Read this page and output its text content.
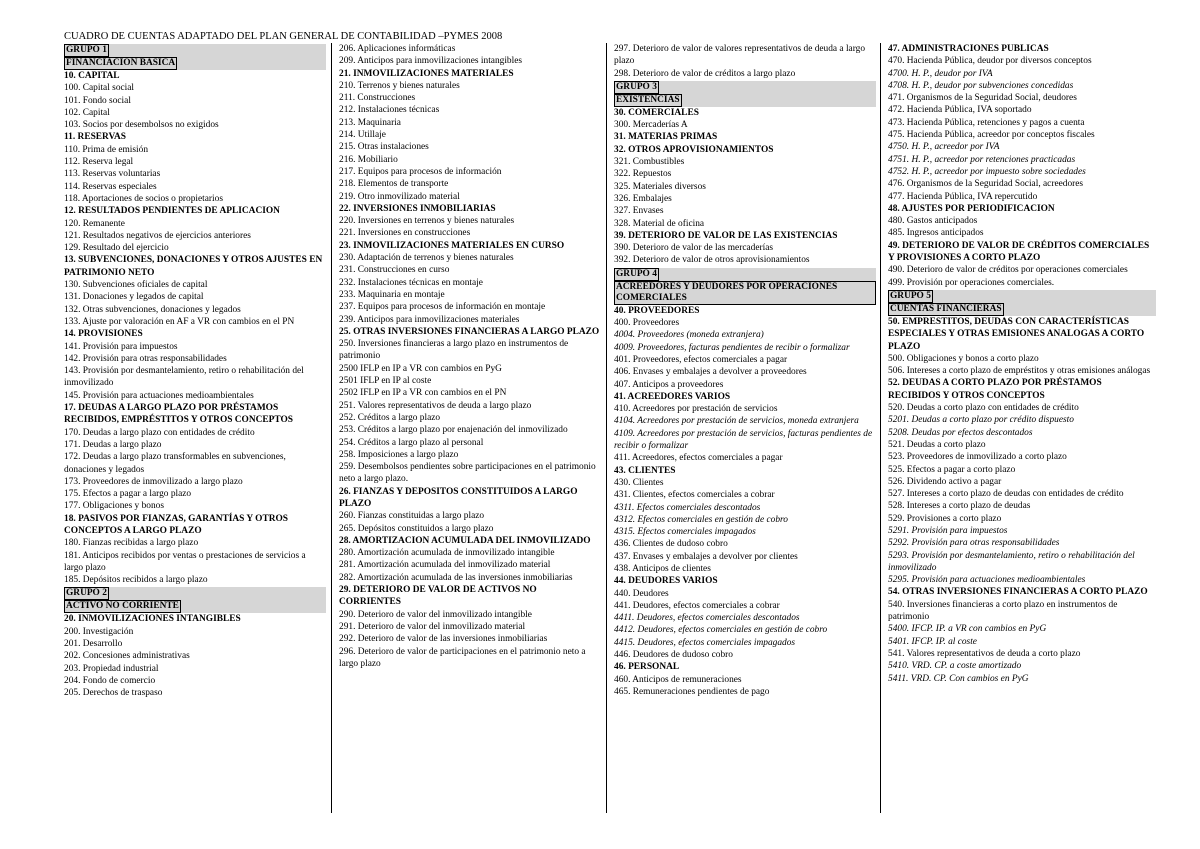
CUADRO DE CUENTAS ADAPTADO DEL PLAN GENERAL DE CONTABILIDAD –PYMES 2008
GRUPO 1
FINANCIACION BASICA
10. CAPITAL
100. Capital social
101. Fondo social
102. Capital
103. Socios por desembolsos no exigidos
11. RESERVAS
110. Prima de emisión
112. Reserva legal
113. Reservas voluntarias
114. Reservas especiales
118. Aportaciones de socios o propietarios
12. RESULTADOS PENDIENTES DE APLICACION
120. Remanente
121. Resultados negativos de ejercicios anteriores
129. Resultado del ejercicio
13. SUBVENCIONES, DONACIONES Y OTROS AJUSTES EN PATRIMONIO NETO
130. Subvenciones oficiales de capital
131. Donaciones y legados de capital
132. Otras subvenciones, donaciones y legados
133. Ajuste por valoración en AF a VR con cambios en el PN
14. PROVISIONES
141. Provisión para impuestos
142. Provisión para otras responsabilidades
143. Provisión por desmantelamiento, retiro o rehabilitación del inmovilizado
145. Provisión para actuaciones medioambientales
17. DEUDAS A LARGO PLAZO POR PRÉSTAMOS RECIBIDOS, EMPRÉSTITOS Y OTROS CONCEPTOS
170. Deudas a largo plazo con entidades de crédito
171. Deudas a largo plazo
172. Deudas a largo plazo transformables en subvenciones, donaciones y legados
173. Proveedores de inmovilizado a largo plazo
175. Efectos a pagar a largo plazo
177. Obligaciones y bonos
18. PASIVOS POR FIANZAS, GARANTÍAS Y OTROS CONCEPTOS A LARGO PLAZO
180. Fianzas recibidas a largo plazo
181. Anticipos recibidos por ventas o prestaciones de servicios a largo plazo
185. Depósitos recibidos a largo plazo
GRUPO 2
ACTIVO NO CORRIENTE
20. INMOVILIZACIONES INTANGIBLES
200. Investigación
201. Desarrollo
202. Concesiones administrativas
203. Propiedad industrial
204. Fondo de comercio
205. Derechos de traspaso
206. Aplicaciones informáticas
209. Anticipos para inmovilizaciones intangibles
21. INMOVILIZACIONES MATERIALES
210. Terrenos y bienes naturales
211. Construcciones
212. Instalaciones técnicas
213. Maquinaria
214. Utillaje
215. Otras instalaciones
216. Mobiliario
217. Equipos para procesos de información
218. Elementos de transporte
219. Otro inmovilizado material
22. INVERSIONES INMOBILIARIAS
220. Inversiones en terrenos y bienes naturales
221. Inversiones en construcciones
23. INMOVILIZACIONES MATERIALES EN CURSO
230. Adaptación de terrenos y bienes naturales
231. Construcciones en curso
232. Instalaciones técnicas en montaje
233. Maquinaria en montaje
237. Equipos para procesos de información en montaje
239. Anticipos para inmovilizaciones materiales
25. OTRAS INVERSIONES FINANCIERAS A LARGO PLAZO
250. Inversiones financieras a largo plazo en instrumentos de patrimonio
2500 IFLP en IP a VR con cambios en PyG
2501 IFLP en IP al coste
2502 IFLP en IP a VR con cambios en el PN
251. Valores representativos de deuda a largo plazo
252. Créditos a largo plazo
253. Créditos a largo plazo por enajenación del inmovilizado
254. Créditos a largo plazo al personal
258. Imposiciones a largo plazo
259. Desembolsos pendientes sobre participaciones en el patrimonio neto a largo plazo.
26. FIANZAS Y DEPOSITOS CONSTITUIDOS A LARGO PLAZO
260. Fianzas constituidas a largo plazo
265. Depósitos constituidos a largo plazo
28. AMORTIZACION ACUMULADA DEL INMOVILIZADO
280. Amortización acumulada de inmovilizado intangible
281. Amortización acumulada del inmovilizado material
282. Amortización acumulada de las inversiones inmobiliarias
29. DETERIORO DE VALOR DE ACTIVOS NO CORRIENTES
290. Deterioro de valor del inmovilizado intangible
291. Deterioro de valor del inmovilizado material
292. Deterioro de valor de las inversiones inmobiliarias
296. Deterioro de valor de participaciones en el patrimonio neto a largo plazo
297. Deterioro de valor de valores representativos de deuda a largo plazo
298. Deterioro de valor de créditos a largo plazo
GRUPO 3
EXISTENCIAS
30. COMERCIALES
300. Mercaderías A
31. MATERIAS PRIMAS
32. OTROS APROVISIONAMIENTOS
321. Combustibles
322. Repuestos
325. Materiales diversos
326. Embalajes
327. Envases
328. Material de oficina
39. DETERIORO DE VALOR DE LAS EXISTENCIAS
390. Deterioro de valor de las mercaderías
392. Deterioro de valor de otros aprovisionamientos
GRUPO 4
ACREEDORES Y DEUDORES POR OPERACIONES COMERCIALES
40. PROVEEDORES
400. Proveedores
4004. Proveedores (moneda extranjera)
4009. Proveedores, facturas pendientes de recibir o formalizar
401. Proveedores, efectos comerciales a pagar
406. Envases y embalajes a devolver a proveedores
407. Anticipos a proveedores
41. ACREEDORES VARIOS
410. Acreedores por prestación de servicios
4104. Acreedores por prestación de servicios, moneda extranjera
4109. Acreedores por prestación de servicios, facturas pendientes de recibir o formalizar
411. Acreedores, efectos comerciales a pagar
43. CLIENTES
430. Clientes
431. Clientes, efectos comerciales a cobrar
4311. Efectos comerciales descontados
4312. Efectos comerciales en gestión de cobro
4315. Efectos comerciales impagados
436. Clientes de dudoso cobro
437. Envases y embalajes a devolver por clientes
438. Anticipos de clientes
44. DEUDORES VARIOS
440. Deudores
441. Deudores, efectos comerciales a cobrar
4411. Deudores, efectos comerciales descontados
4412. Deudores, efectos comerciales en gestión de cobro
4415. Deudores, efectos comerciales impagados
446. Deudores de dudoso cobro
46. PERSONAL
460. Anticipos de remuneraciones
465. Remuneraciones pendientes de pago
47. ADMINISTRACIONES PUBLICAS
470. Hacienda Pública, deudor por diversos conceptos
4700. H. P., deudor por IVA
4708. H. P., deudor por subvenciones concedidas
471. Organismos de la Seguridad Social, deudores
472. Hacienda Pública, IVA soportado
473. Hacienda Pública, retenciones y pagos a cuenta
475. Hacienda Pública, acreedor por conceptos fiscales
4750. H. P., acreedor por IVA
4751. H. P., acreedor por retenciones practicadas
4752. H. P., acreedor por impuesto sobre sociedades
476. Organismos de la Seguridad Social, acreedores
477. Hacienda Pública, IVA repercutido
48. AJUSTES POR PERIODIFICACION
480. Gastos anticipados
485. Ingresos anticipados
49. DETERIORO DE VALOR DE CRÉDITOS COMERCIALES Y PROVISIONES A CORTO PLAZO
490. Deterioro de valor de créditos por operaciones comerciales
499. Provisión por operaciones comerciales.
GRUPO 5
CUENTAS FINANCIERAS
50. EMPRESTITOS, DEUDAS CON CARACTERÍSTICAS ESPECIALES Y OTRAS EMISIONES ANALOGAS A CORTO PLAZO
500. Obligaciones y bonos a corto plazo
506. Intereses a corto plazo de empréstitos y otras emisiones análogas
52. DEUDAS A CORTO PLAZO POR PRÉSTAMOS RECIBIDOS Y OTROS CONCEPTOS
520. Deudas a corto plazo con entidades de crédito
5201. Deudas a corto plazo por crédito dispuesto
5208. Deudas por efectos descontados
521. Deudas a corto plazo
523. Proveedores de inmovilizado a corto plazo
525. Efectos a pagar a corto plazo
526. Dividendo activo a pagar
527. Intereses a corto plazo de deudas con entidades de crédito
528. Intereses a corto plazo de deudas
529. Provisiones a corto plazo
5291. Provisión para impuestos
5292. Provisión para otras responsabilidades
5293. Provisión por desmantelamiento, retiro o rehabilitación del inmovilizado
5295. Provisión para actuaciones medioambientales
54. OTRAS INVERSIONES FINANCIERAS A CORTO PLAZO
540. Inversiones financieras a corto plazo en instrumentos de patrimonio
5400. IFCP. IP. a VR con cambios en PyG
5401. IFCP. IP. al coste
541. Valores representativos de deuda a corto plazo
5410. VRD. CP. a coste amortizado
5411. VRD. CP. Con cambios en PyG
